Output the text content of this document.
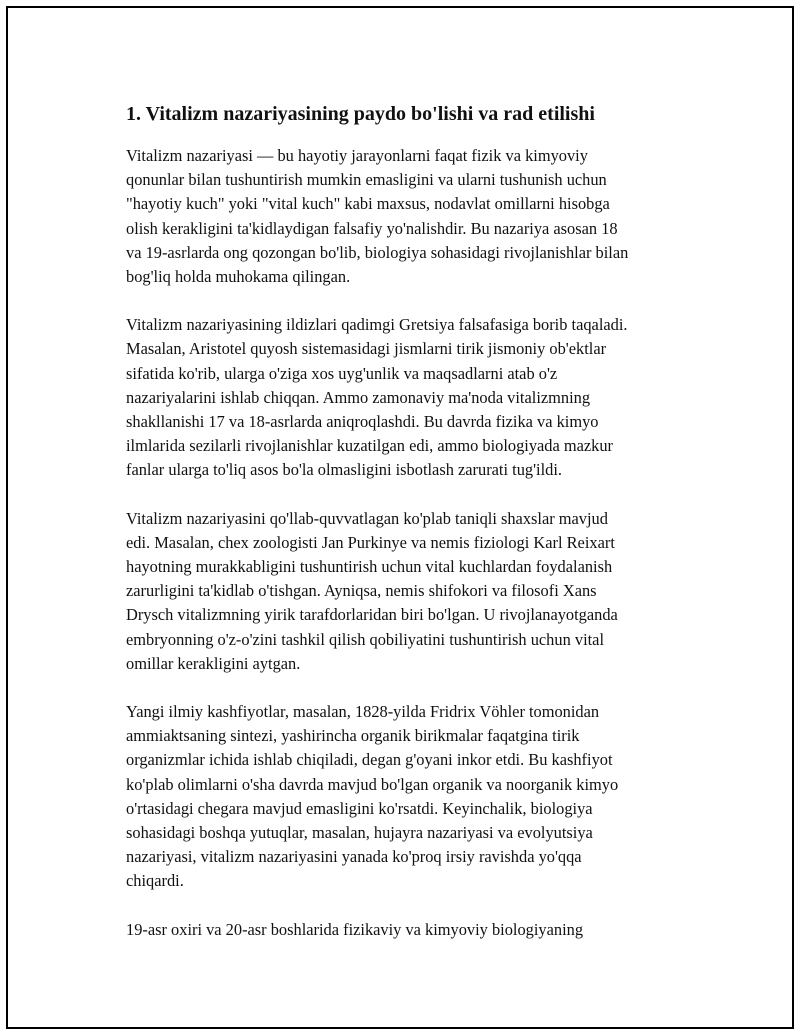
1. Vitalizm nazariyasining paydo bo'lishi va rad etilishi

Vitalizm nazariyasi — bu hayotiy jarayonlarni faqat fizik va kimyoviy
qonunlar bilan tushuntirish mumkin emasligini va ularni tushunish uchun
"hayotiy kuch" yoki "vital kuch" kabi maxsus, nodavlat omillarni hisobga
olish kerakligini ta'kidlaydigan falsafiy yo'nalishdir. Bu nazariya asosan 18
va 19-asrlarda ong qozongan bo'lib, biologiya sohasidagi rivojlanishlar bilan
bog'liq holda muhokama qilingan.

Vitalizm nazariyasining ildizlari qadimgi Gretsiya falsafasiga borib taqaladi.
Masalan, Aristotel quyosh sistemasidagi jismlarni tirik jismoniy ob'ektlar
sifatida ko'rib, ularga o'ziga xos uyg'unlik va maqsadlarni atab o'z
nazariyalarini ishlab chiqqan. Ammo zamonaviy ma'noda vitalizmning
shakllanishi 17 va 18-asrlarda aniqroqlashdi. Bu davrda fizika va kimyo
ilmlarida sezilarli rivojlanishlar kuzatilgan edi, ammo biologiyada mazkur
fanlar ularga to'liq asos bo'la olmasligini isbotlash zarurati tug'ildi.

Vitalizm nazariyasini qo'llab-quvvatlagan ko'plab taniqli shaxslar mavjud
edi. Masalan, chex zoologisti Jan Purkinye va nemis fiziologi Karl Reixart
hayotning murakkabligini tushuntirish uchun vital kuchlardan foydalanish
zarurligini ta'kidlab o'tishgan. Ayniqsa, nemis shifokori va filosofi Xans
Drysch vitalizmning yirik tarafdorlaridan biri bo'lgan. U rivojlanayotganda
embryonning o'z-o'zini tashkil qilish qobiliyatini tushuntirish uchun vital
omillar kerakligini aytgan.

Yangi ilmiy kashfiyotlar, masalan, 1828-yilda Fridrix Vöhler tomonidan
ammiaktsaning sintezi, yashirincha organik birikmalar faqatgina tirik
organizmlar ichida ishlab chiqiladi, degan g'oyani inkor etdi. Bu kashfiyot
ko'plab olimlarni o'sha davrda mavjud bo'lgan organik va noorganik kimyo
o'rtasidagi chegara mavjud emasligini ko'rsatdi. Keyinchalik, biologiya
sohasidagi boshqa yutuqlar, masalan, hujayra nazariyasi va evolyutsiya
nazariyasi, vitalizm nazariyasini yanada ko'proq irsiy ravishda yo'qqa
chiqardi.

19-asr oxiri va 20-asr boshlarida fizikaviy va kimyoviy biologiyaning
